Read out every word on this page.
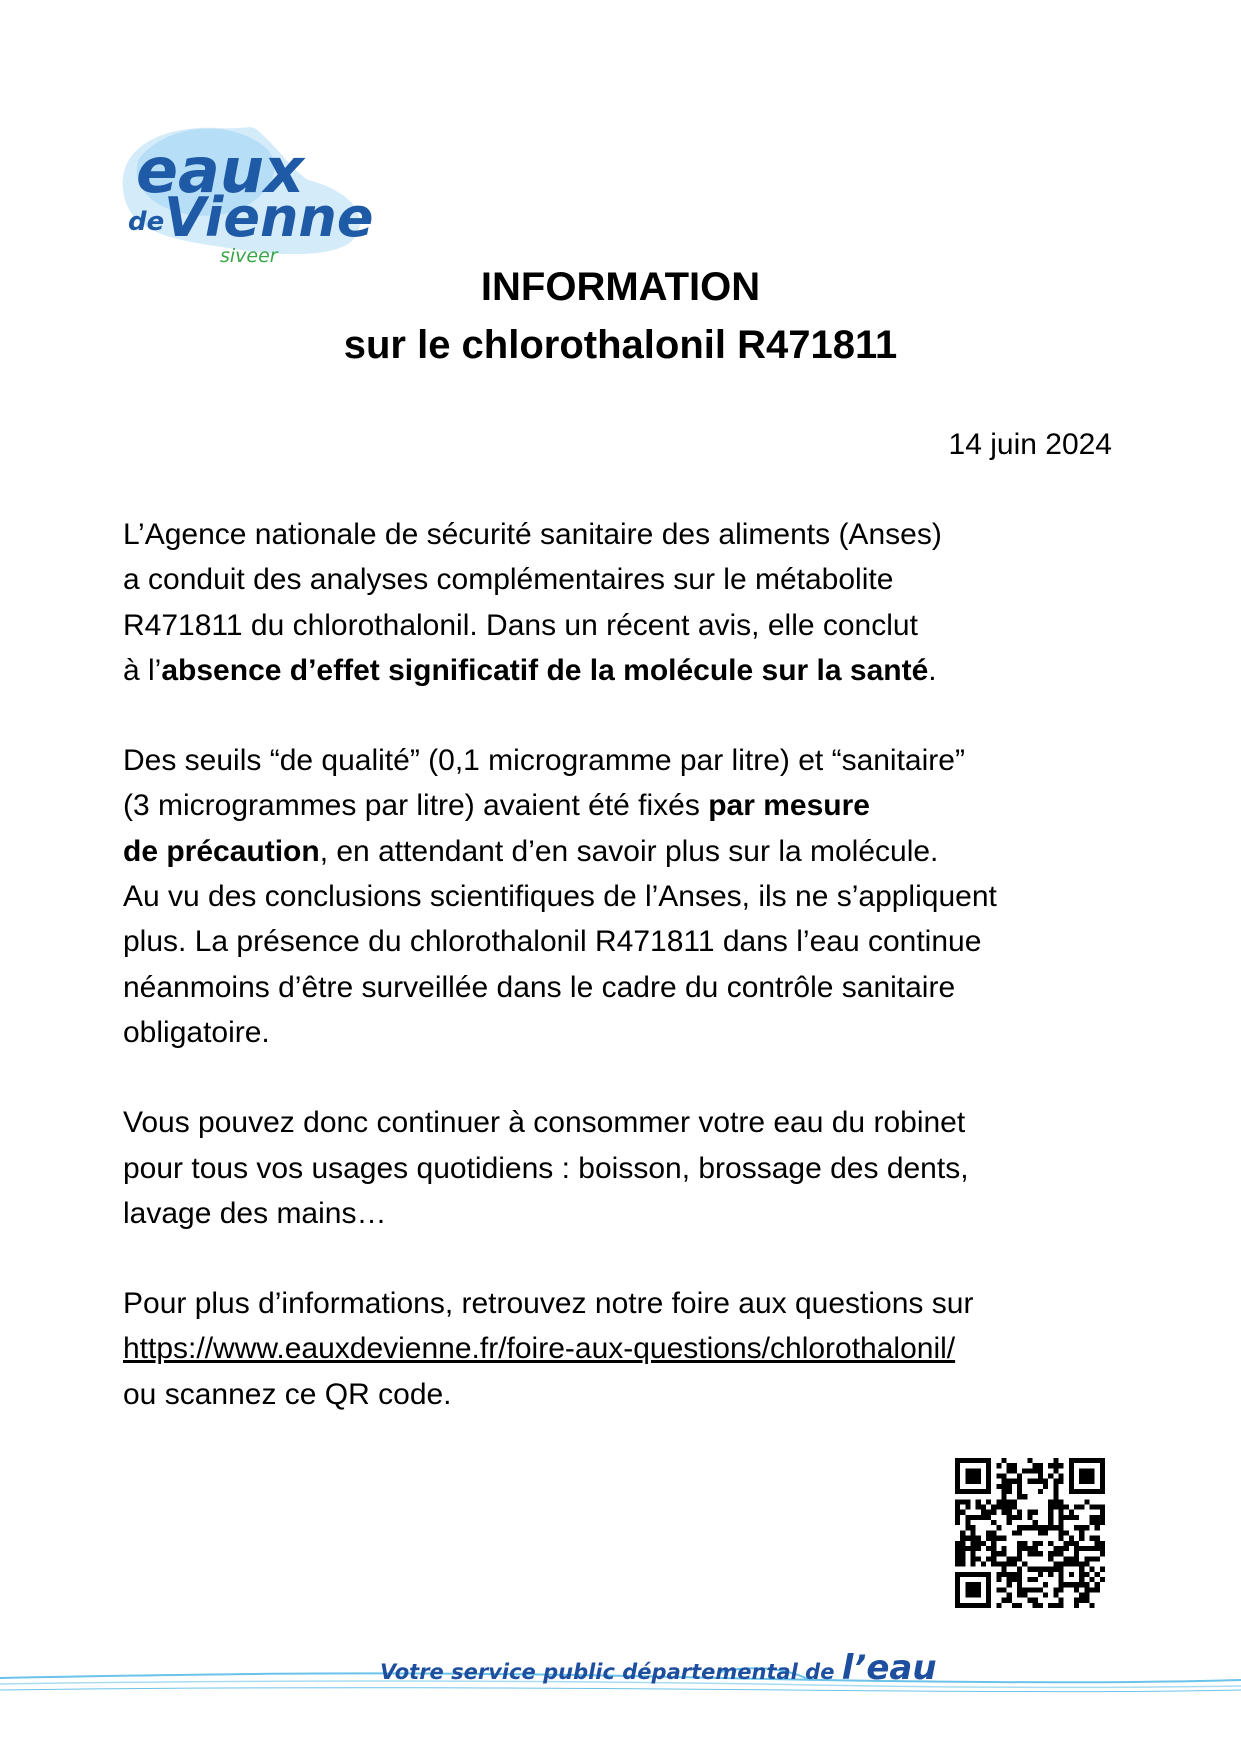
eaux
de Vienne
siveer
INFORMATION
sur le chlorothalonil R471811
14 juin 2024

L’Agence nationale de sécurité sanitaire des aliments (Anses)
a conduit des analyses complémentaires sur le métabolite
R471811 du chlorothalonil. Dans un récent avis, elle conclut
à l’absence d’effet significatif de la molécule sur la santé.

Des seuils “de qualité” (0,1 microgramme par litre) et “sanitaire”
(3 microgrammes par litre) avaient été fixés par mesure
de précaution, en attendant d’en savoir plus sur la molécule.
Au vu des conclusions scientifiques de l’Anses, ils ne s’appliquent
plus. La présence du chlorothalonil R471811 dans l’eau continue
néanmoins d’être surveillée dans le cadre du contrôle sanitaire
obligatoire.

Vous pouvez donc continuer à consommer votre eau du robinet
pour tous vos usages quotidiens : boisson, brossage des dents,
lavage des mains…

Pour plus d’informations, retrouvez notre foire aux questions sur
https://www.eauxdevienne.fr/foire-aux-questions/chlorothalonil/
ou scannez ce QR code.

Votre service public départemental de l’eau
